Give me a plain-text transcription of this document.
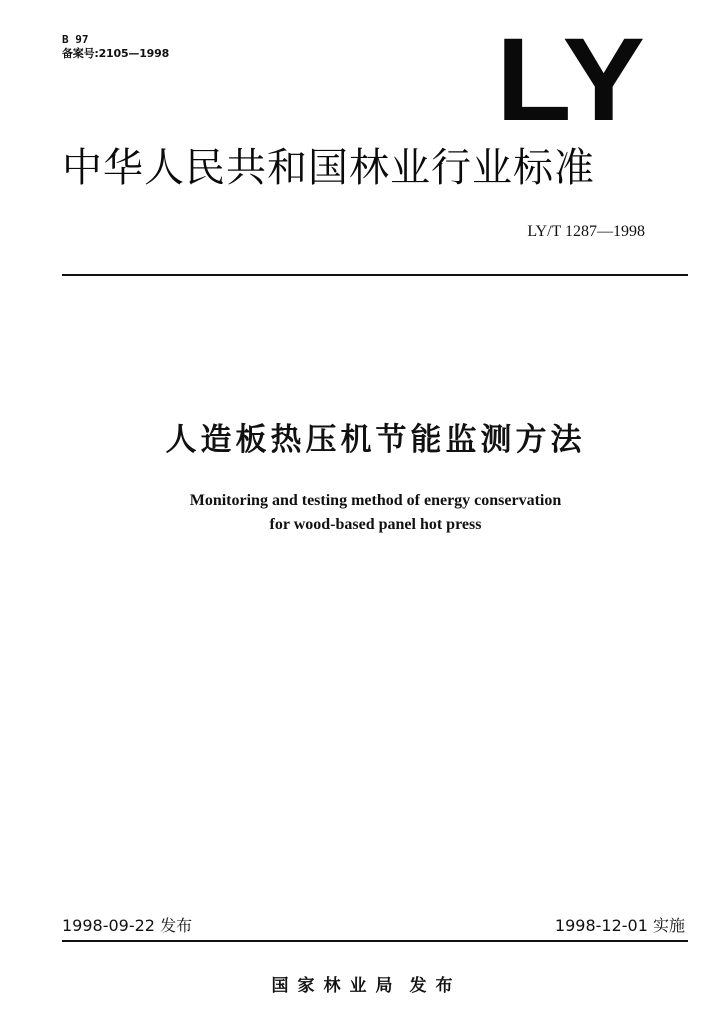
B 97
备案号:2105—1998	LY
中华人民共和国林业行业标准
LY/T 1287—1998
人造板热压机节能监测方法
Monitoring and testing method of energy conservation
for wood-based panel hot press
1998-09-22 发布	1998-12-01 实施
国家林业局 发布
